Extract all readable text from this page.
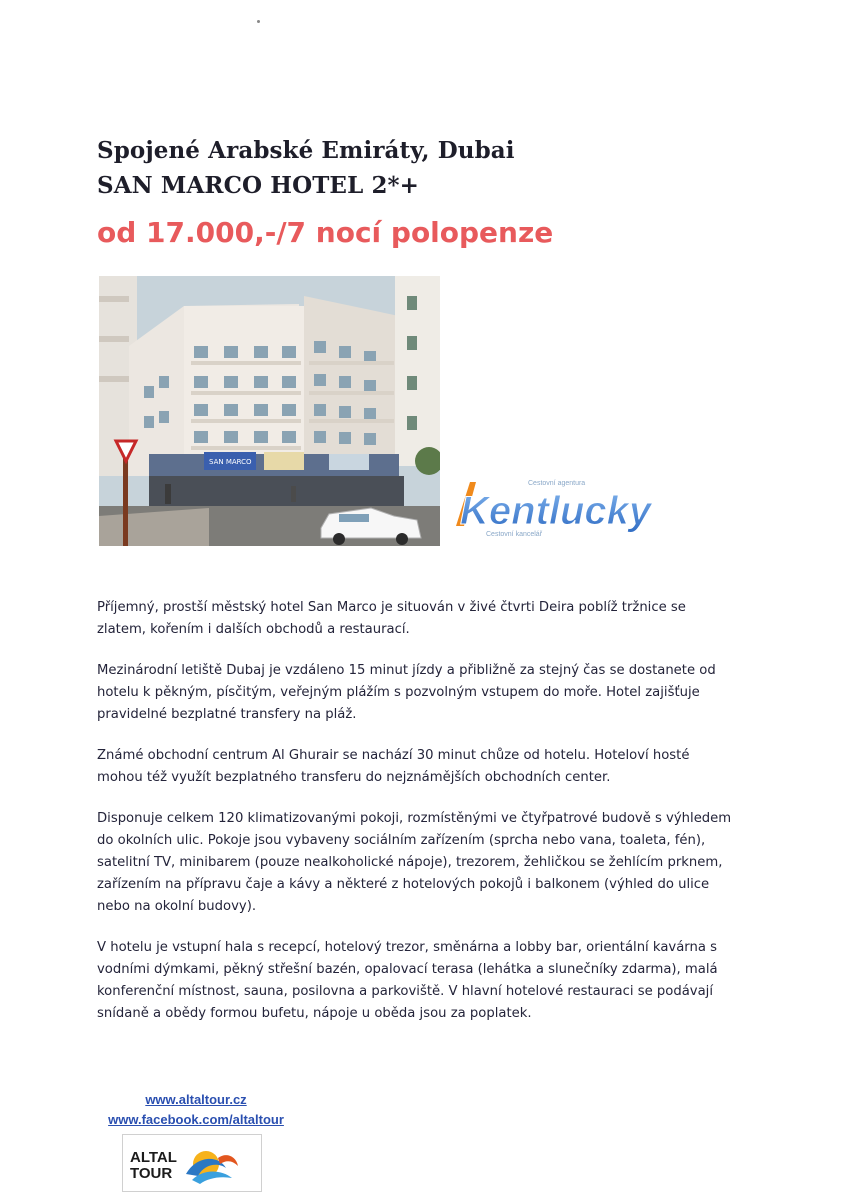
Spojené Arabské Emiráty, Dubai
SAN MARCO HOTEL 2*+
od 17.000,-/7 nocí polopenze
SAN MARCO
Cestovní agentura
Kentlucky
Cestovní kancelář

Příjemný, prostší městský hotel San Marco je situován v živé čtvrti Deira poblíž tržnice se zlatem, kořením i dalších obchodů a restaurací.

Mezinárodní letiště Dubaj je vzdáleno 15 minut jízdy a přibližně za stejný čas se dostanete od hotelu k pěkným, písčitým, veřejným plážím s pozvolným vstupem do moře. Hotel zajišťuje pravidelné bezplatné transfery na pláž.

Známé obchodní centrum Al Ghurair se nachází 30 minut chůze od hotelu. Hoteloví hosté mohou též využít bezplatného transferu do nejznámějších obchodních center.

Disponuje celkem 120 klimatizovanými pokoji, rozmístěnými ve čtyřpatrové budově s výhledem do okolních ulic. Pokoje jsou vybaveny sociálním zařízením (sprcha nebo vana, toaleta, fén), satelitní TV, minibarem (pouze nealkoholické nápoje), trezorem, žehličkou se žehlícím prknem, zařízením na přípravu čaje a kávy a některé z hotelových pokojů i balkonem (výhled do ulice nebo na okolní budovy).

V hotelu je vstupní hala s recepcí, hotelový trezor, směnárna a lobby bar, orientální kavárna s vodními dýmkami, pěkný střešní bazén, opalovací terasa (lehátka a slunečníky zdarma), malá konferenční místnost, sauna, posilovna a parkoviště. V hlavní hotelové restauraci se podávají snídaně a obědy formou bufetu, nápoje u oběda jsou za poplatek.

www.altaltour.cz
www.facebook.com/altaltour
ALTAL
TOUR
